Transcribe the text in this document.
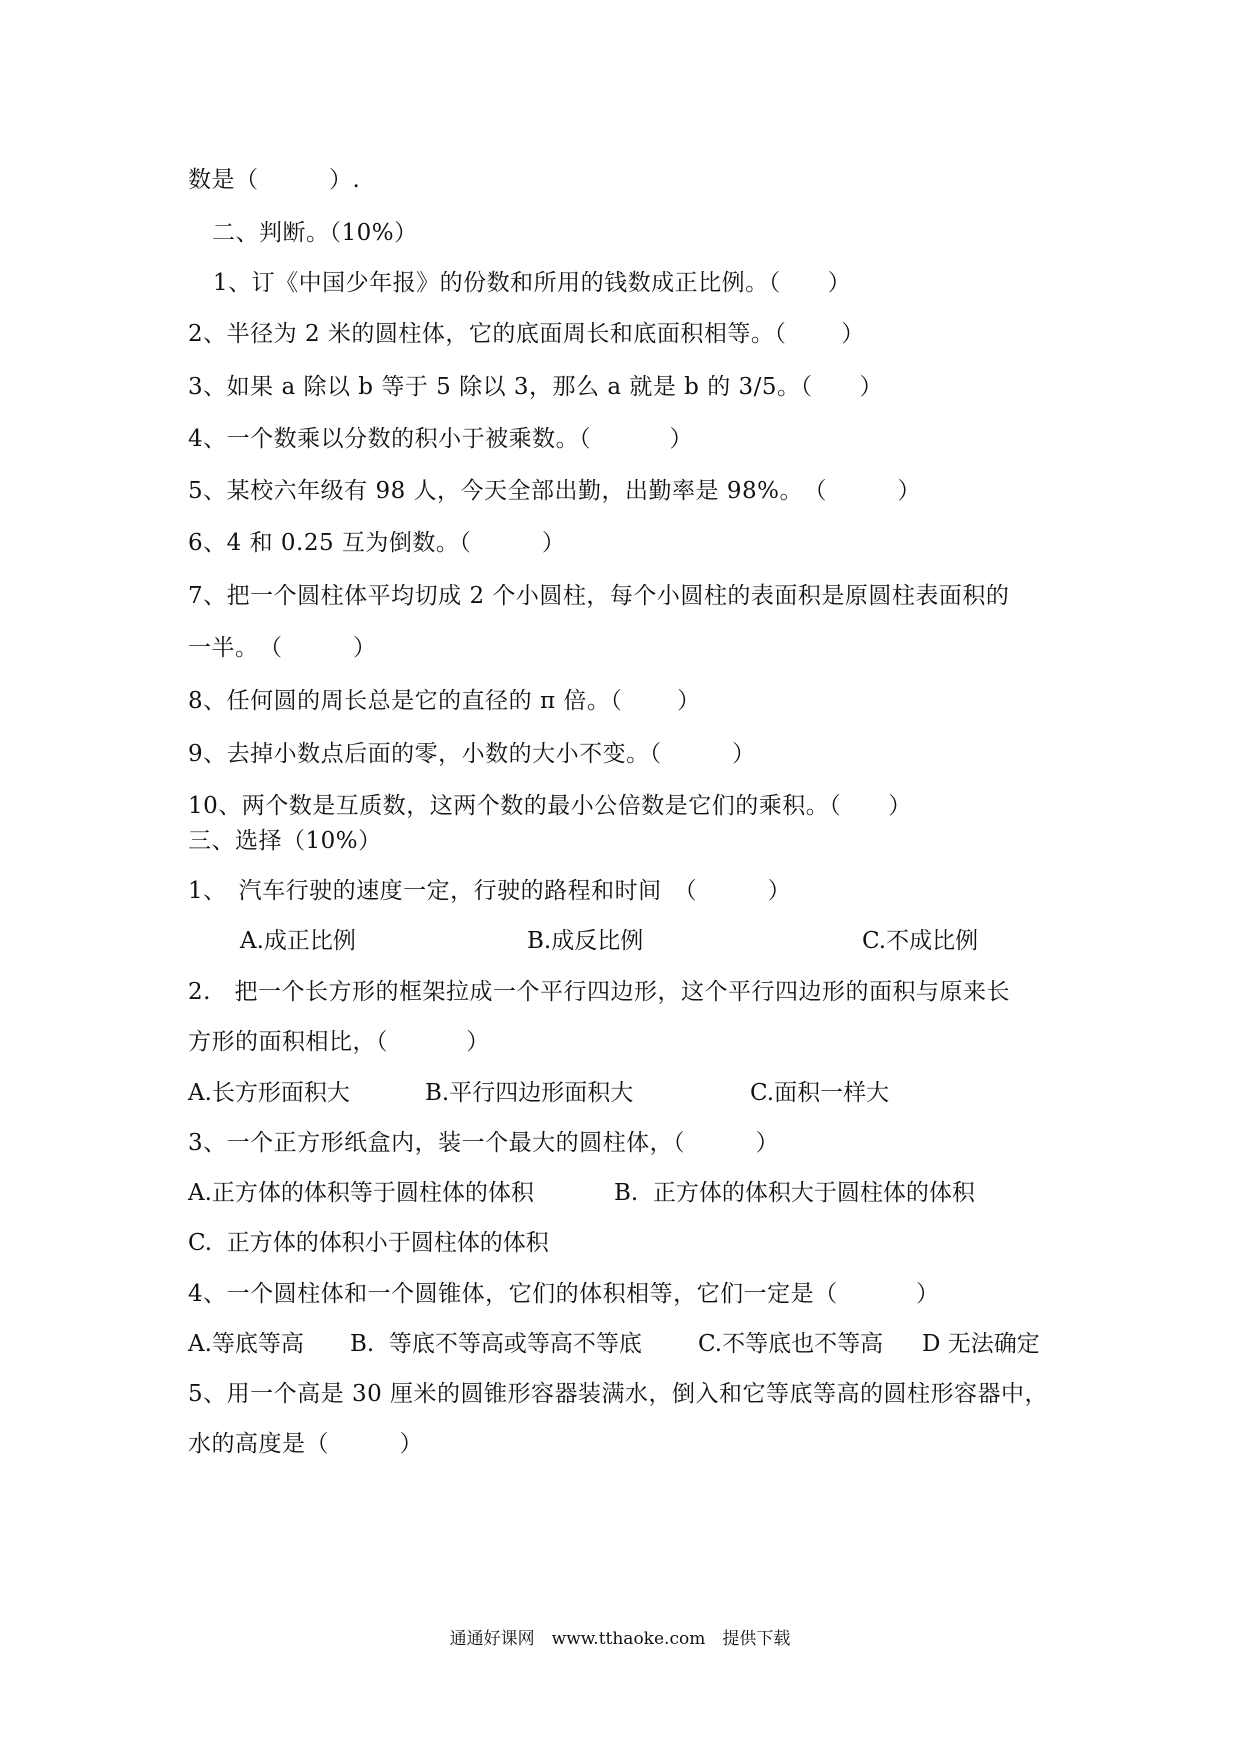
数是（　　　）.
二、判断。（10%）
1、订《中国少年报》的份数和所用的钱数成正比例。（　　）
2、半径为 2 米的圆柱体，它的底面周长和底面积相等。（　　 ）
3、如果 a 除以 b 等于 5 除以 3，那么 a 就是 b 的 3/5。（　　）
4、一个数乘以分数的积小于被乘数。（　　　 ）
5、某校六年级有 98 人，今天全部出勤，出勤率是 98%。　（　　　）
6、4 和 0.25 互为倒数。（　　　）
7、把一个圆柱体平均切成 2 个小圆柱，每个小圆柱的表面积是原圆柱表面积的
一半。　（　　　）
8、任何圆的周长总是它的直径的 π 倍。（　　 ）
9、去掉小数点后面的零，小数的大小不变。（　　　）
10、两个数是互质数，这两个数的最小公倍数是它们的乘积。（　　）
三、选择（10%）
1、　汽车行驶的速度一定，行驶的路程和时间　（　　　）
A.成正比例	B.成反比例	C.不成比例
2.　把一个长方形的框架拉成一个平行四边形，这个平行四边形的面积与原来长
方形的面积相比，（　　　 ）
A.长方形面积大	B.平行四边形面积大	C.面积一样大
3、一个正方形纸盒内，装一个最大的圆柱体，（　　　）
A.正方体的体积等于圆柱体的体积	B.  正方体的体积大于圆柱体的体积
C.  正方体的体积小于圆柱体的体积
4、一个圆柱体和一个圆锥体，它们的体积相等，它们一定是（　　　 ）
A.等底等高 B.  等底不等高或等高不等底 C.不等底也不等高 D 无法确定
5、用一个高是 30 厘米的圆锥形容器装满水，倒入和它等底等高的圆柱形容器中，
水的高度是（　　　）
通通好课网　www.tthaoke.com　提供下载
